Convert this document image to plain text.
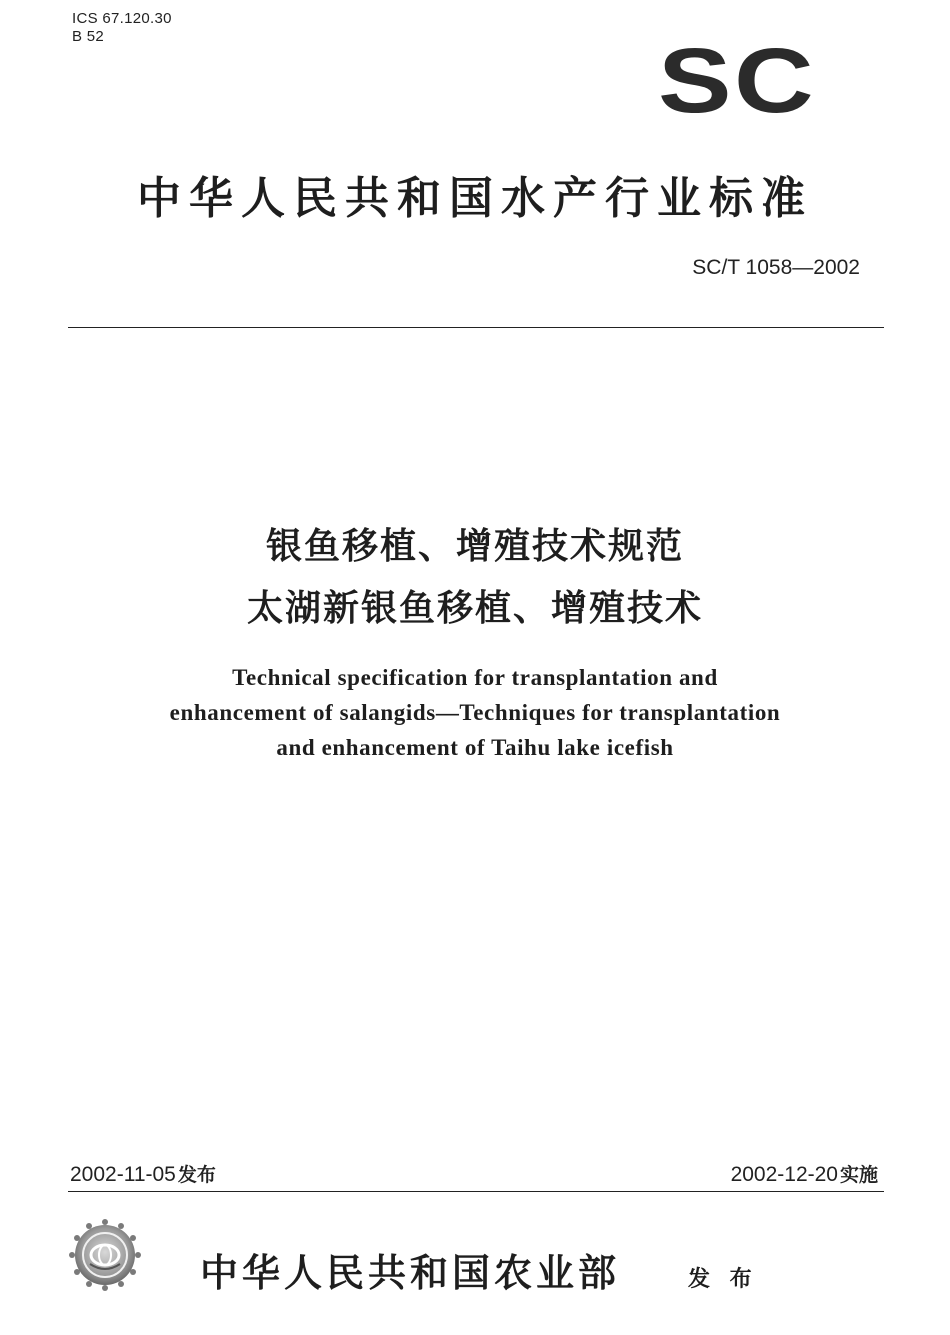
ICS 67.120.30
B 52	SC
中华人民共和国水产行业标准
SC/T 1058—2002
银鱼移植、增殖技术规范
太湖新银鱼移植、增殖技术
Technical specification for transplantation and
enhancement of salangids—Techniques for transplantation
and enhancement of Taihu lake icefish
2002-11-05 发布	2002-12-20 实施
中华人民共和国农业部	发 布
